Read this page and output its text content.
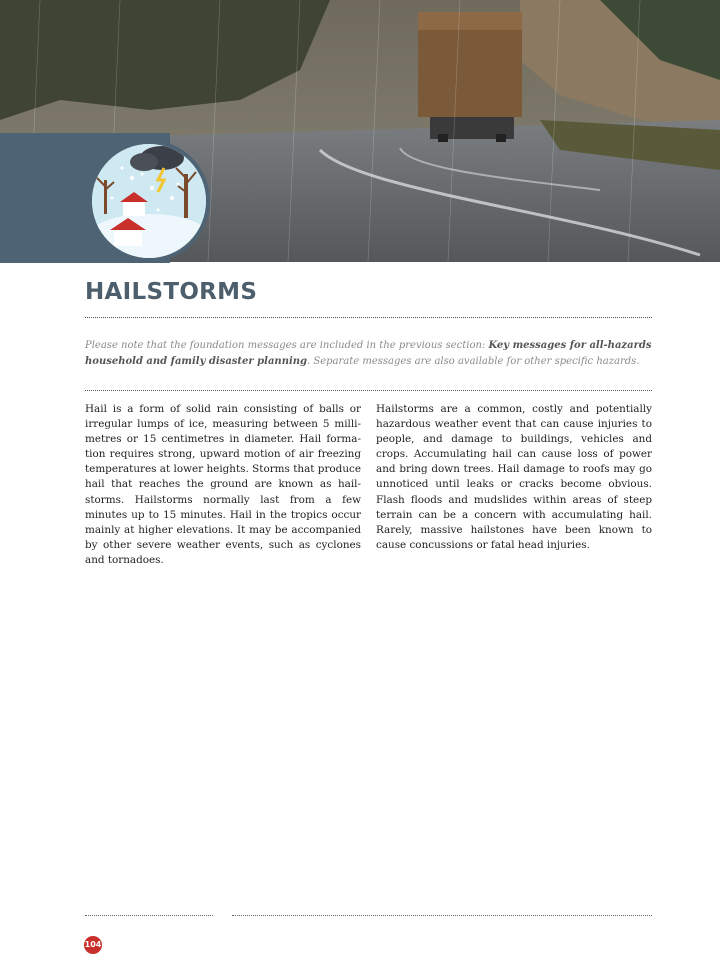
HAILSTORMS

Please note that the foundation messages are included in the previous section: Key messages for all-hazards household and family disaster planning. Separate messages are also available for other specific hazards.

Hail is a form of solid rain consisting of balls or irregular lumps of ice, measuring between 5 milli-metres or 15 centimetres in diameter. Hail forma-tion requires strong, upward motion of air freezing temperatures at lower heights. Storms that produce hail that reaches the ground are known as hail-storms. Hailstorms normally last from a few minutes up to 15 minutes. Hail in the tropics occur mainly at higher elevations. It may be accompanied by other severe weather events, such as cyclones and tornadoes.

Hailstorms are a common, costly and potentially hazardous weather event that can cause injuries to people, and damage to buildings, vehicles and crops. Accumulating hail can cause loss of power and bring down trees. Hail damage to roofs may go unnoticed until leaks or cracks become obvious. Flash floods and mudslides within areas of steep terrain can be a concern with accumulating hail. Rarely, massive hailstones have been known to cause concussions or fatal head injuries.

104
